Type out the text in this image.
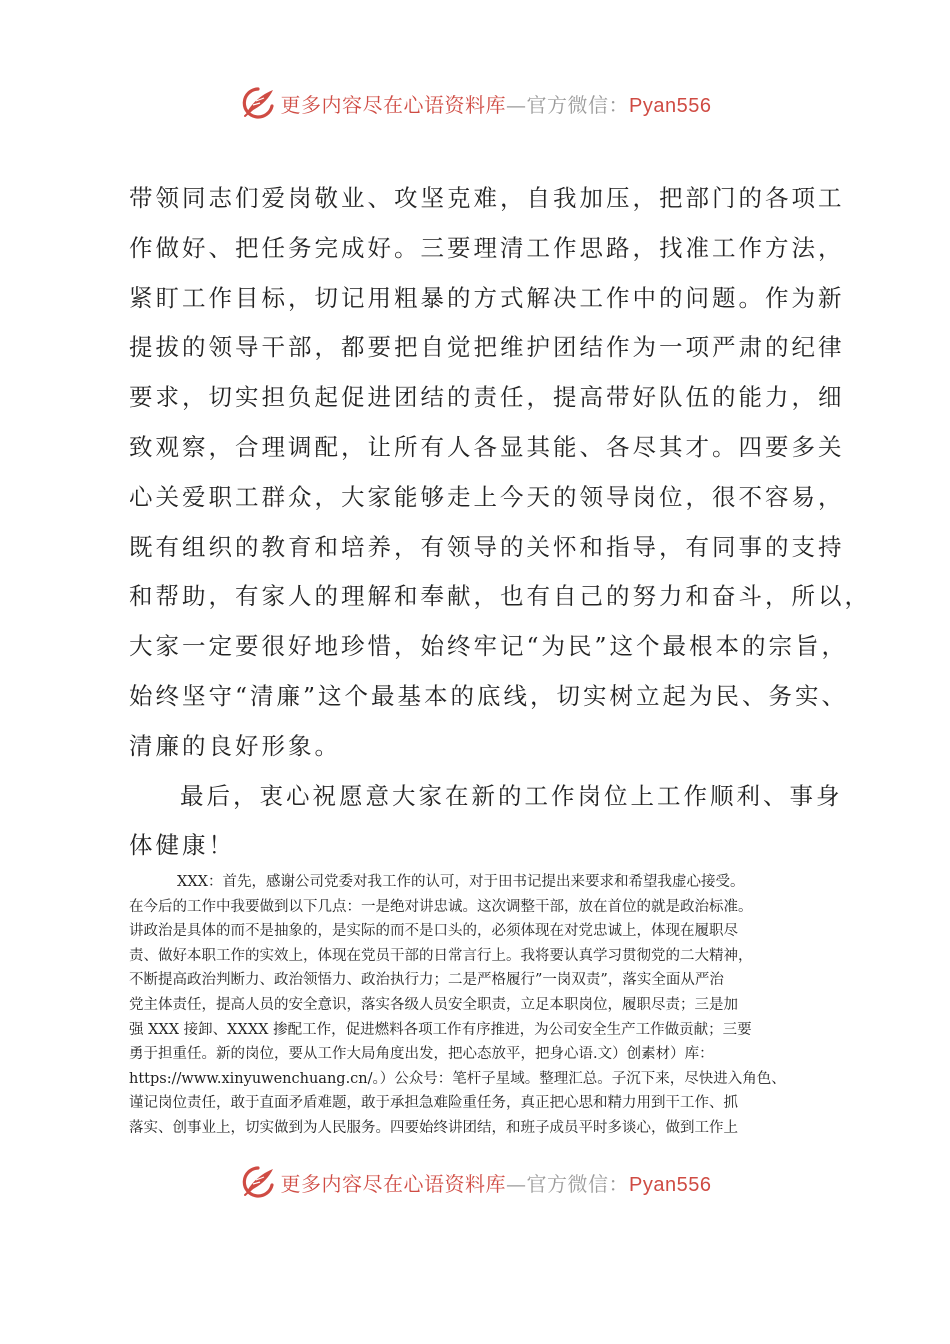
更多内容尽在心语资料库—官方微信：Pyan556
带领同志们爱岗敬业、攻坚克难，自我加压，把部门的各项工
作做好、把任务完成好。三要理清工作思路，找准工作方法，
紧盯工作目标，切记用粗暴的方式解决工作中的问题。作为新
提拔的领导干部，都要把自觉把维护团结作为一项严肃的纪律
要求，切实担负起促进团结的责任，提高带好队伍的能力，细
致观察，合理调配，让所有人各显其能、各尽其才。四要多关
心关爱职工群众，大家能够走上今天的领导岗位，很不容易，
既有组织的教育和培养，有领导的关怀和指导，有同事的支持
和帮助，有家人的理解和奉献，也有自己的努力和奋斗，所以，
大家一定要很好地珍惜，始终牢记“为民”这个最根本的宗旨，
始终坚守“清廉”这个最基本的底线，切实树立起为民、务实、
清廉的良好形象。
最后，衷心祝愿意大家在新的工作岗位上工作顺利、事身
体健康！
XXX：首先，感谢公司党委对我工作的认可，对于田书记提出来要求和希望我虚心接受。
在今后的工作中我要做到以下几点：一是绝对讲忠诚。这次调整干部，放在首位的就是政治标准。
讲政治是具体的而不是抽象的，是实际的而不是口头的，必须体现在对党忠诚上，体现在履职尽
责、做好本职工作的实效上，体现在党员干部的日常言行上。我将要认真学习贯彻党的二大精神，
不断提高政治判断力、政治领悟力、政治执行力；二是严格履行”一岗双责”，落实全面从严治
党主体责任，提高人员的安全意识，落实各级人员安全职责，立足本职岗位，履职尽责；三是加
强 XXX 接卸、XXXX 掺配工作，促进燃料各项工作有序推进，为公司安全生产工作做贡献；三要
勇于担重任。新的岗位，要从工作大局角度出发，把心态放平，把身心语.文）创素材）库：
https://www.xinyuwenchuang.cn/。）公众号：笔杆子星域。整理汇总。子沉下来，尽快进入角色、
谨记岗位责任，敢于直面矛盾难题，敢于承担急难险重任务，真正把心思和精力用到干工作、抓
落实、创事业上，切实做到为人民服务。四要始终讲团结，和班子成员平时多谈心，做到工作上
更多内容尽在心语资料库—官方微信：Pyan556
